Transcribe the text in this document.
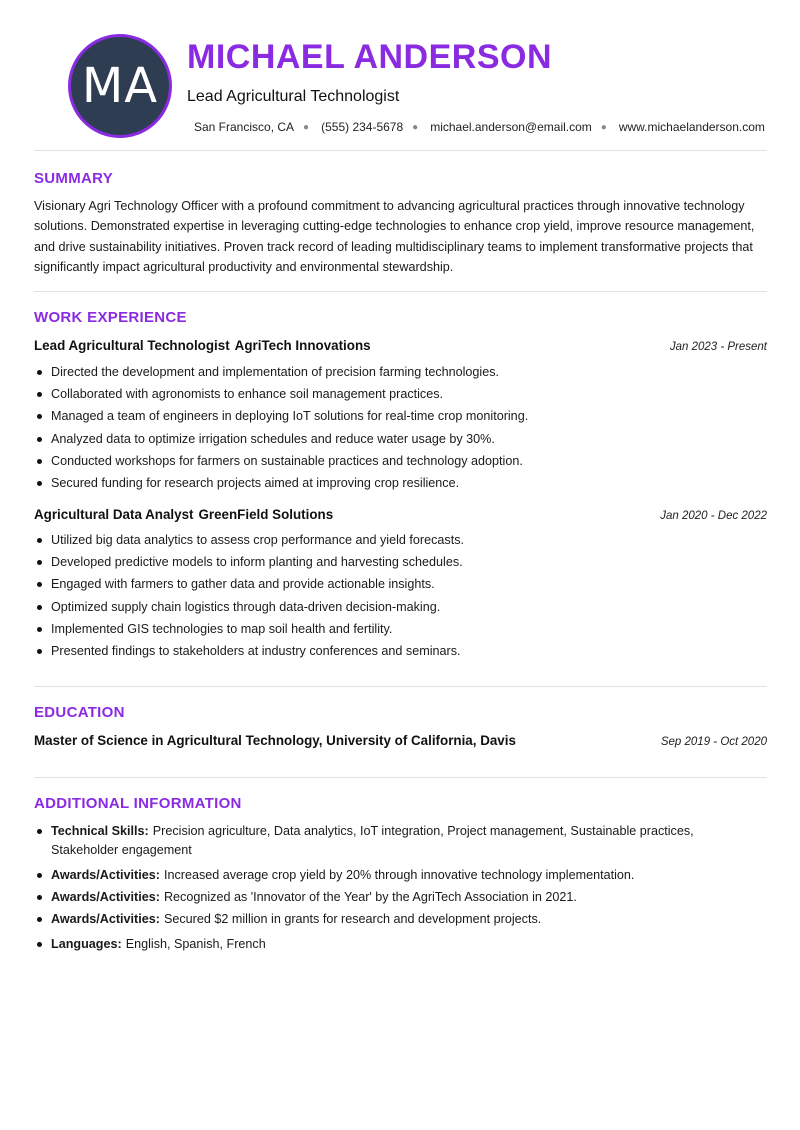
MA
MICHAEL ANDERSON

Lead Agricultural Technologist

San Francisco, CA ● (555) 234-5678 ● michael.anderson@email.com ● www.michaelanderson.com
SUMMARY

Visionary Agri Technology Officer with a profound commitment to advancing agricultural practices through innovative technology solutions. Demonstrated expertise in leveraging cutting-edge technologies to enhance crop yield, improve resource management, and drive sustainability initiatives. Proven track record of leading multidisciplinary teams to implement transformative projects that significantly impact agricultural productivity and environmental stewardship.

WORK EXPERIENCE
Lead Agricultural Technologist AgriTech Innovations	Jan 2023 - Present
Directed the development and implementation of precision farming technologies.
Collaborated with agronomists to enhance soil management practices.
Managed a team of engineers in deploying IoT solutions for real-time crop monitoring.
Analyzed data to optimize irrigation schedules and reduce water usage by 30%.
Conducted workshops for farmers on sustainable practices and technology adoption.
Secured funding for research projects aimed at improving crop resilience.
Agricultural Data Analyst GreenField Solutions	Jan 2020 - Dec 2022
Utilized big data analytics to assess crop performance and yield forecasts.
Developed predictive models to inform planting and harvesting schedules.
Engaged with farmers to gather data and provide actionable insights.
Optimized supply chain logistics through data-driven decision-making.
Implemented GIS technologies to map soil health and fertility.
Presented findings to stakeholders at industry conferences and seminars.
EDUCATION
Master of Science in Agricultural Technology, University of California, Davis	Sep 2019 - Oct 2020
ADDITIONAL INFORMATION
Technical Skills: Precision agriculture, Data analytics, IoT integration, Project management, Sustainable practices, Stakeholder engagement
Awards/Activities: Increased average crop yield by 20% through innovative technology implementation.
Awards/Activities: Recognized as 'Innovator of the Year' by the AgriTech Association in 2021.
Awards/Activities: Secured $2 million in grants for research and development projects.
Languages: English, Spanish, French
